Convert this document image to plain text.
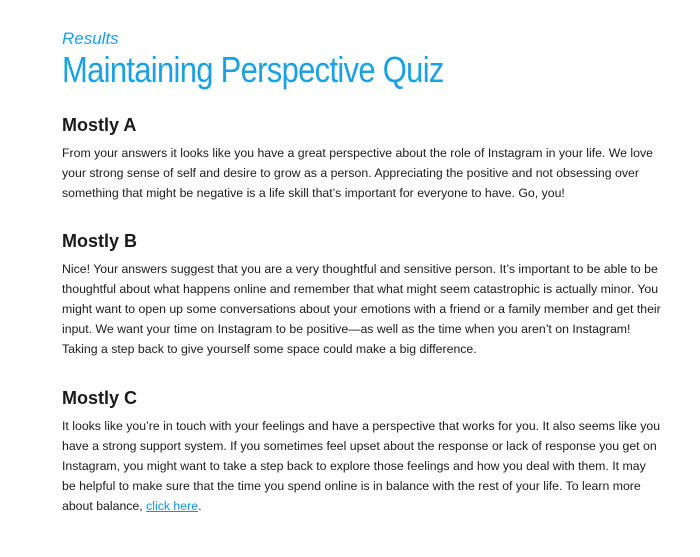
Results
Maintaining Perspective Quiz
Mostly A

From your answers it looks like you have a great perspective about the role of Instagram in your life. We love your strong sense of self and desire to grow as a person. Appreciating the positive and not obsessing over something that might be negative is a life skill that’s important for everyone to have. Go, you!

Mostly B

Nice! Your answers suggest that you are a very thoughtful and sensitive person. It’s important to be able to be thoughtful about what happens online and remember that what might seem catastrophic is actually minor. You might want to open up some conversations about your emotions with a friend or a family member and get their input. We want your time on Instagram to be positive—as well as the time when you aren’t on Instagram! Taking a step back to give yourself some space could make a big difference.

Mostly C

It looks like you’re in touch with your feelings and have a perspective that works for you. It also seems like you have a strong support system. If you sometimes feel upset about the response or lack of response you get on Instagram, you might want to take a step back to explore those feelings and how you deal with them. It may be helpful to make sure that the time you spend online is in balance with the rest of your life. To learn more about balance, click here.
